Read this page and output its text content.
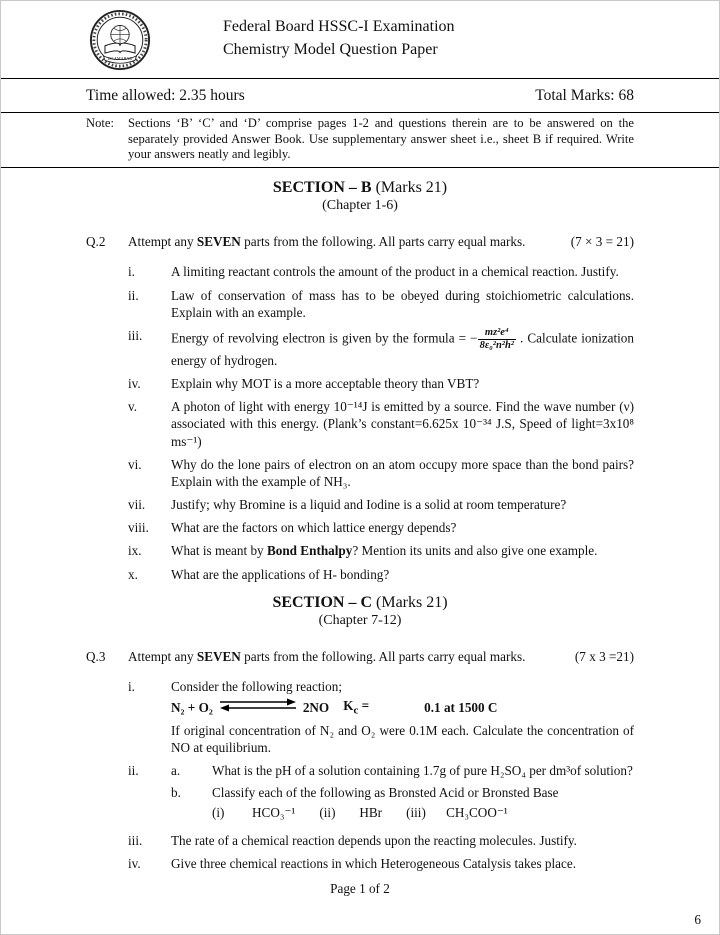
ISLAMABAD
Federal Board HSSC-I Examination
Chemistry Model Question Paper
Time allowed: 2.35 hours	Total Marks: 68
Note:	Sections ‘B’ ‘C’ and ‘D’ comprise pages 1-2 and questions therein are to be answered on the separately provided Answer Book. Use supplementary answer sheet i.e., sheet B if required. Write your answers neatly and legibly.

SECTION – B (Marks 21)
(Chapter 1-6)
Q.2	Attempt any SEVEN parts from the following. All parts carry equal marks.	(7 × 3 = 21)
i.	A limiting reactant controls the amount of the product in a chemical reaction. Justify.
ii.	Law of conservation of mass has to be obeyed during stoichiometric calculations. Explain with an example.
iii.	Energy of revolving electron is given by the formula = − $\frac{\text{mz²e⁴}}{\text{8ε₀²n²h²}}$ . Calculate ionization energy of hydrogen.
iv.	Explain why MOT is a more acceptable theory than VBT?
v.	A photon of light with energy 10⁻¹⁴J is emitted by a source. Find the wave number (ν) associated with this energy. (Plank’s constant=6.625x 10⁻³⁴ J.S, Speed of light=3x10⁸ ms⁻¹)
vi.	Why do the lone pairs of electron on an atom occupy more space than the bond pairs? Explain with the example of NH₃.
vii.	Justify; why Bromine is a liquid and Iodine is a solid at room temperature?
viii.	What are the factors on which lattice energy depends?
ix.	What is meant by Bond Enthalpy? Mention its units and also give one example.
x.	What are the applications of H- bonding?
SECTION – C (Marks 21)
(Chapter 7-12)
Q.3	Attempt any SEVEN parts from the following. All parts carry equal marks.	(7 x 3 =21)
i.	Consider the following reaction;
N₂ + O₂	2NO $K_c$ =	0.1 at 1500 C
If original concentration of N₂ and O₂ were 0.1M each. Calculate the concentration of NO at equilibrium.
ii.	a.	What is the pH of a solution containing 1.7g of pure H₂SO₄ per dm³of solution?
b.	Classify each of the following as Bronsted Acid or Bronsted Base
(i) HCO₃⁻¹ (ii) HBr (iii) CH₃COO⁻¹
iii.	The rate of a chemical reaction depends upon the reacting molecules. Justify.
iv.	Give three chemical reactions in which Heterogeneous Catalysis takes place.
Page 1 of 2
6
